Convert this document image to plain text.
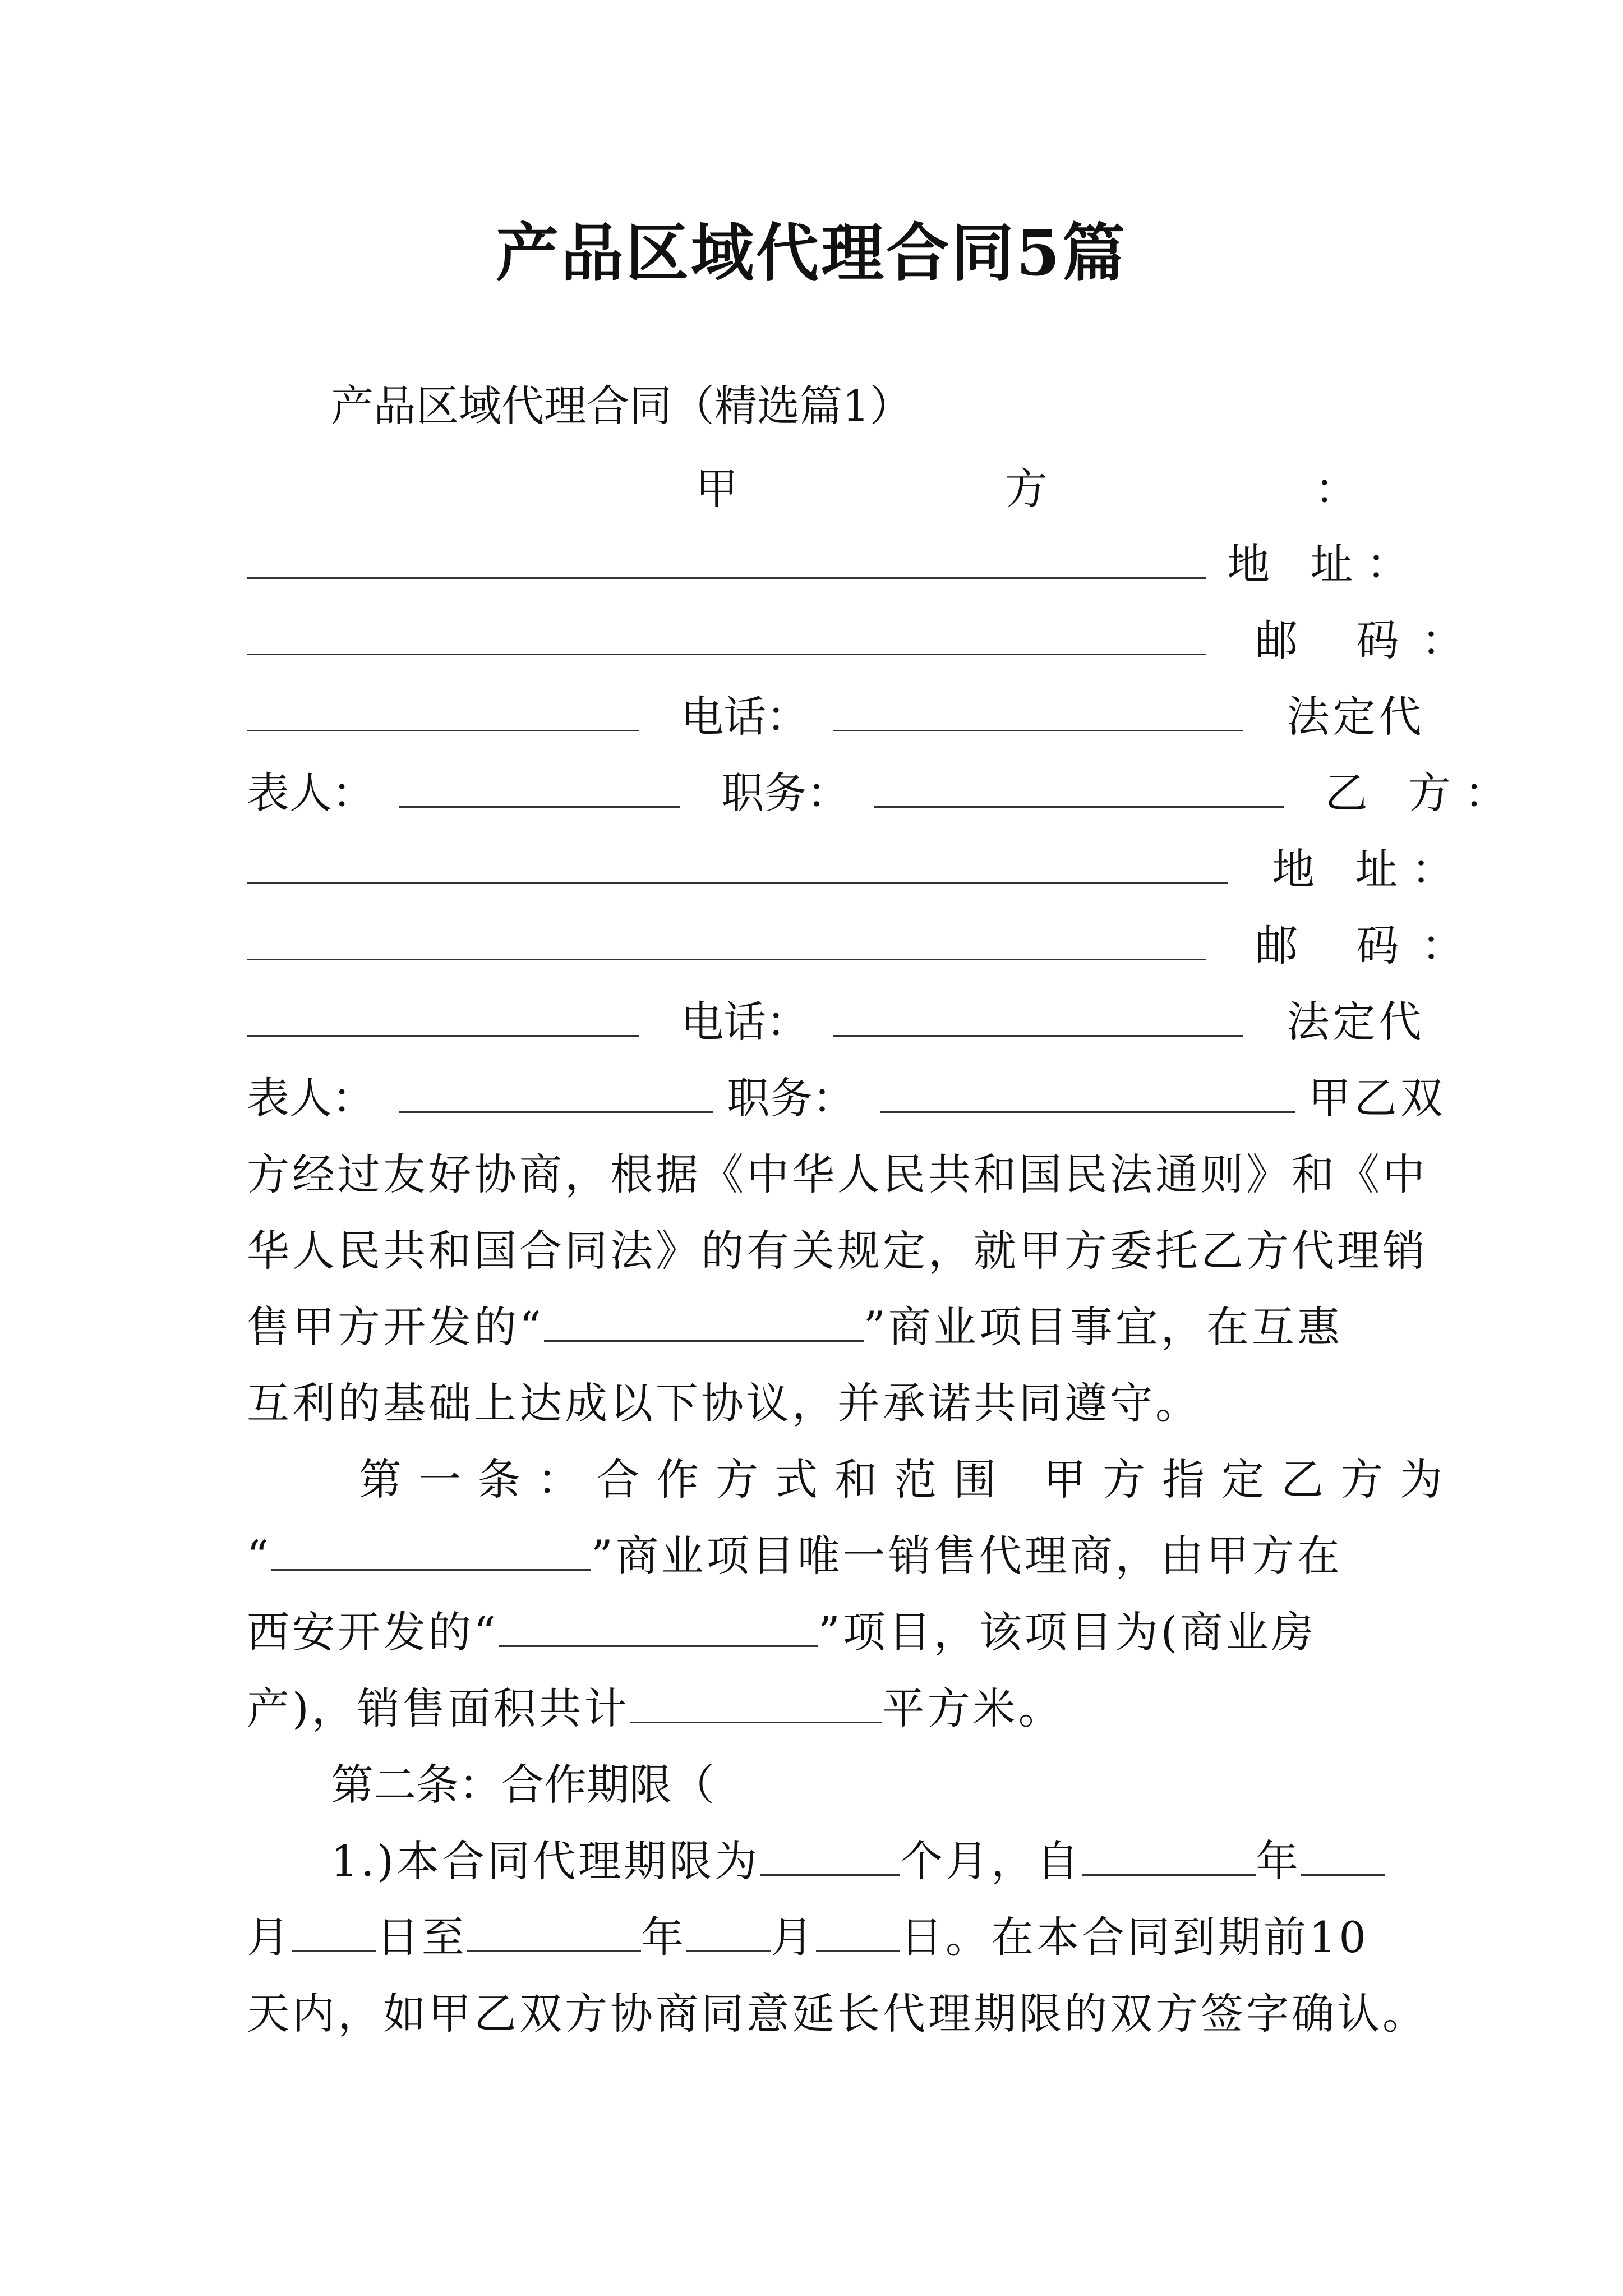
产品区域代理合同5篇
产品区域代理合同（精选篇1）
甲	方	：
地 址：
邮 码：
电话：	法定代
表人：	职务：	乙 方：
地 址：
邮 码：
电话：	法定代
表人：	职务：	甲乙双
方经过友好协商，根据《中华人民共和国民法通则》和《中
华人民共和国合同法》的有关规定，就甲方委托乙方代理销
售甲方开发的“	”商业项目事宜，在互惠
互利的基础上达成以下协议，并承诺共同遵守。
第一条：合作方式和范围 甲方指定乙方为
“	”商业项目唯一销售代理商，由甲方在
西安开发的“	”项目，该项目为(商业房
产)，销售面积共计	平方米。
第二条：合作期限（
1.)本合同代理期限为	个月，自	年
月 日至	年 月 日。在本合同到期前10
天内，如甲乙双方协商同意延长代理期限的双方签字确认。
